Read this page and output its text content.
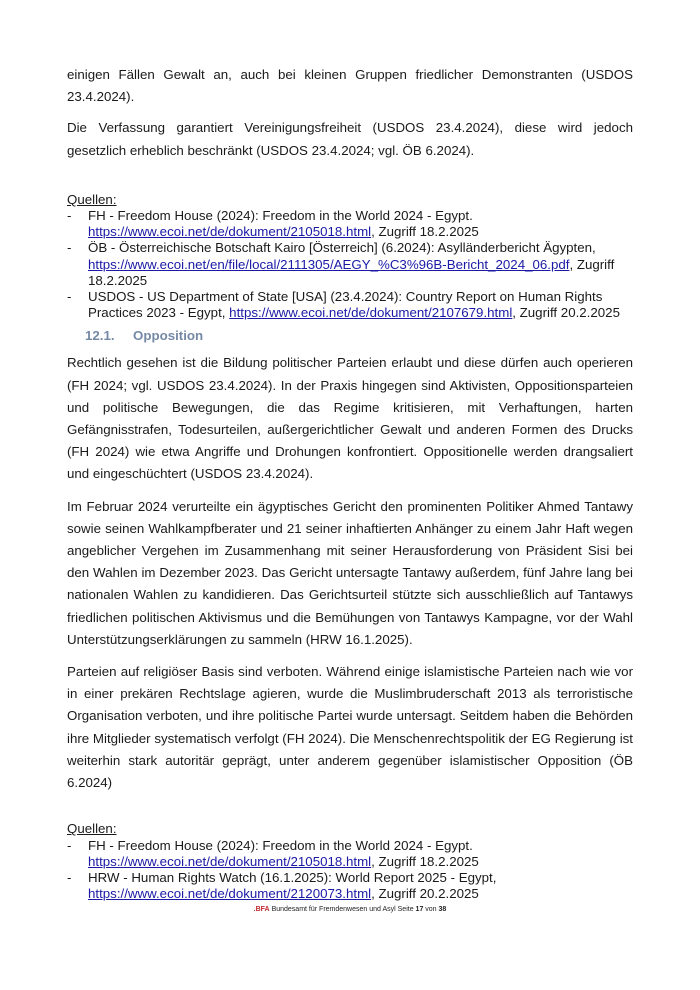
einigen Fällen Gewalt an, auch bei kleinen Gruppen friedlicher Demonstranten (USDOS 23.4.2024).

Die Verfassung garantiert Vereinigungsfreiheit (USDOS 23.4.2024), diese wird jedoch gesetzlich erheblich beschränkt (USDOS 23.4.2024; vgl. ÖB 6.2024).

Quellen:

- FH - Freedom House (2024): Freedom in the World 2024 - Egypt.
https://www.ecoi.net/de/dokument/2105018.html, Zugriff 18.2.2025
- ÖB - Österreichische Botschaft Kairo [Österreich] (6.2024): Asylländerbericht Ägypten,
https://www.ecoi.net/en/file/local/2111305/AEGY_%C3%96B-Bericht_2024_06.pdf, Zugriff 18.2.2025
- USDOS - US Department of State [USA] (23.4.2024): Country Report on Human Rights Practices 2023 - Egypt, https://www.ecoi.net/de/dokument/2107679.html, Zugriff 20.2.2025
12.1. Opposition

Rechtlich gesehen ist die Bildung politischer Parteien erlaubt und diese dürfen auch operieren (FH 2024; vgl. USDOS 23.4.2024). In der Praxis hingegen sind Aktivisten, Oppositionsparteien und politische Bewegungen, die das Regime kritisieren, mit Verhaftungen, harten Gefängnisstrafen, Todesurteilen, außergerichtlicher Gewalt und anderen Formen des Drucks (FH 2024) wie etwa Angriffe und Drohungen konfrontiert. Oppositionelle werden drangsaliert und eingeschüchtert (USDOS 23.4.2024).

Im Februar 2024 verurteilte ein ägyptisches Gericht den prominenten Politiker Ahmed Tantawy sowie seinen Wahlkampfberater und 21 seiner inhaftierten Anhänger zu einem Jahr Haft wegen angeblicher Vergehen im Zusammenhang mit seiner Herausforderung von Präsident Sisi bei den Wahlen im Dezember 2023. Das Gericht untersagte Tantawy außerdem, fünf Jahre lang bei nationalen Wahlen zu kandidieren. Das Gerichtsurteil stützte sich ausschließlich auf Tantawys friedlichen politischen Aktivismus und die Bemühungen von Tantawys Kampagne, vor der Wahl Unterstützungserklärungen zu sammeln (HRW 16.1.2025).

Parteien auf religiöser Basis sind verboten. Während einige islamistische Parteien nach wie vor in einer prekären Rechtslage agieren, wurde die Muslimbruderschaft 2013 als terroristische Organisation verboten, und ihre politische Partei wurde untersagt. Seitdem haben die Behörden ihre Mitglieder systematisch verfolgt (FH 2024). Die Menschenrechtspolitik der EG Regierung ist weiterhin stark autoritär geprägt, unter anderem gegenüber islamistischer Opposition (ÖB 6.2024)

Quellen:

- FH - Freedom House (2024): Freedom in the World 2024 - Egypt.
https://www.ecoi.net/de/dokument/2105018.html, Zugriff 18.2.2025
- HRW - Human Rights Watch (16.1.2025): World Report 2025 - Egypt,
https://www.ecoi.net/de/dokument/2120073.html, Zugriff 20.2.2025
.BFA Bundesamt für Fremdenwesen und Asyl Seite 17 von 38
